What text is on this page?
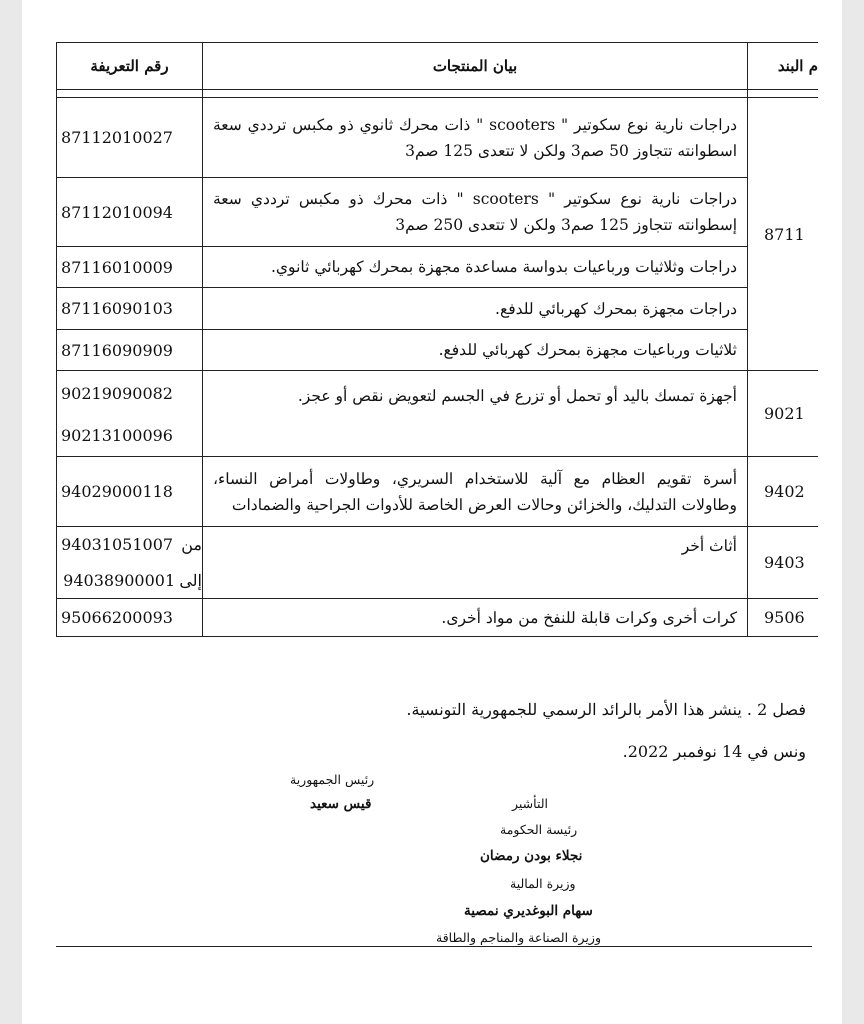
رقم التعريفة	بيان المنتجات	م البند

87112010027	دراجات نارية نوع سكوتير " scooters " ذات محرك ثانوي ذو مكبس ترددي سعة اسطوانته تتجاوز 50 صم3 ولكن لا تتعدى 125 صم3	8711
87112010094	دراجات نارية نوع سكوتير " scooters " ذات محرك ذو مكبس ترددي سعة إسطوانته تتجاوز 125 صم3 ولكن لا تتعدى 250 صم3	
87116010009	دراجات وثلاثيات ورباعيات بدواسة مساعدة مجهزة بمحرك كهربائي ثانوي.	
87116090103	دراجات مجهزة بمحرك كهربائي للدفع.	
87116090909	ثلاثيات ورباعيات مجهزة بمحرك كهربائي للدفع.	
90219090082	أجهزة تمسك باليد أو تحمل أو تزرع في الجسم لتعويض نقص أو عجز.	9021
90213100096		
94029000118	أسرة تقويم العظام مع آلية للاستخدام السريري، وطاولات أمراض النساء، وطاولات التدليك، والخزائن وحالات العرض الخاصة للأدوات الجراحية والضمادات	9402
من  94031051007	أثاث أخر	9403
إلى  94038900001		
95066200093	كرات أخرى وكرات قابلة للنفخ من مواد أخرى.	9506
فصل 2 . ينشر هذا الأمر بالرائد الرسمي للجمهورية التونسية.
ونس في 14 نوفمبر 2022.
رئيس الجمهورية
قيس سعيد	التأشير
رئيسة الحكومة
نجلاء بودن رمضان
وزيرة المالية
سهام البوغديري نمصية
وزيرة الصناعة والمناجم والطاقة
